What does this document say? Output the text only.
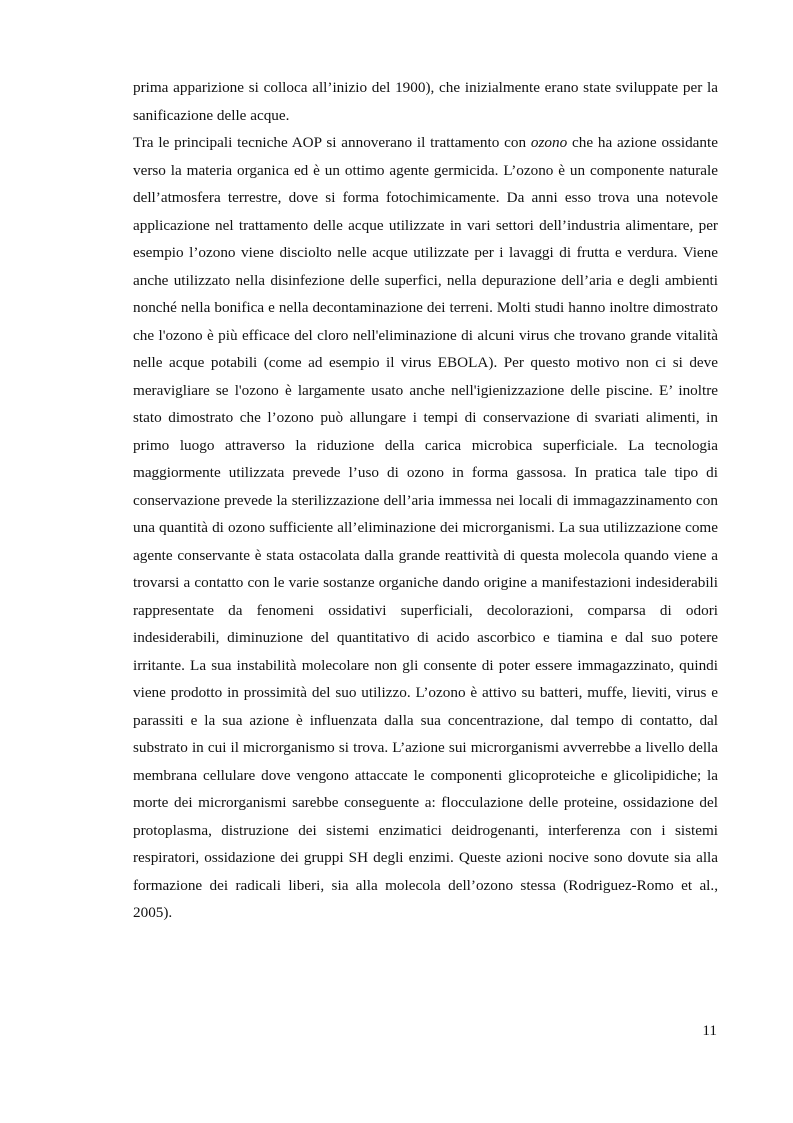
prima apparizione si colloca all’inizio del 1900), che inizialmente erano state sviluppate per la sanificazione delle acque.

Tra le principali tecniche AOP si annoverano il trattamento con ozono che ha azione ossidante verso la materia organica ed è un ottimo agente germicida. L’ozono è un componente naturale dell’atmosfera terrestre, dove si forma fotochimicamente. Da anni esso trova una notevole applicazione nel trattamento delle acque utilizzate in vari settori dell’industria alimentare, per esempio l’ozono viene disciolto nelle acque utilizzate per i lavaggi di frutta e verdura. Viene anche utilizzato nella disinfezione delle superfici, nella depurazione dell’aria e degli ambienti nonché nella bonifica e nella decontaminazione dei terreni. Molti studi hanno inoltre dimostrato che l'ozono è più efficace del cloro nell'eliminazione di alcuni virus che trovano grande vitalità nelle acque potabili (come ad esempio il virus EBOLA). Per questo motivo non ci si deve meravigliare se l'ozono è largamente usato anche nell'igienizzazione delle piscine. E’ inoltre stato dimostrato che l’ozono può allungare i tempi di conservazione di svariati alimenti, in primo luogo attraverso la riduzione della carica microbica superficiale. La tecnologia maggiormente utilizzata prevede l’uso di ozono in forma gassosa. In pratica tale tipo di conservazione prevede la sterilizzazione dell’aria immessa nei locali di immagazzinamento con una quantità di ozono sufficiente all’eliminazione dei microrganismi. La sua utilizzazione come agente conservante è stata ostacolata dalla grande reattività di questa molecola quando viene a trovarsi a contatto con le varie sostanze organiche dando origine a manifestazioni indesiderabili rappresentate da fenomeni ossidativi superficiali, decolorazioni, comparsa di odori indesiderabili, diminuzione del quantitativo di acido ascorbico e tiamina e dal suo potere irritante. La sua instabilità molecolare non gli consente di poter essere immagazzinato, quindi viene prodotto in prossimità del suo utilizzo. L’ozono è attivo su batteri, muffe, lieviti, virus e parassiti e la sua azione è influenzata dalla sua concentrazione, dal tempo di contatto, dal substrato in cui il microrganismo si trova. L’azione sui microrganismi avverrebbe a livello della membrana cellulare dove vengono attaccate le componenti glicoproteiche e glicolipidiche; la morte dei microrganismi sarebbe conseguente a: flocculazione delle proteine, ossidazione del protoplasma, distruzione dei sistemi enzimatici deidrogenanti, interferenza con i sistemi respiratori, ossidazione dei gruppi SH degli enzimi. Queste azioni nocive sono dovute sia alla formazione dei radicali liberi, sia alla molecola dell’ozono stessa (Rodriguez-Romo et al., 2005).

11
